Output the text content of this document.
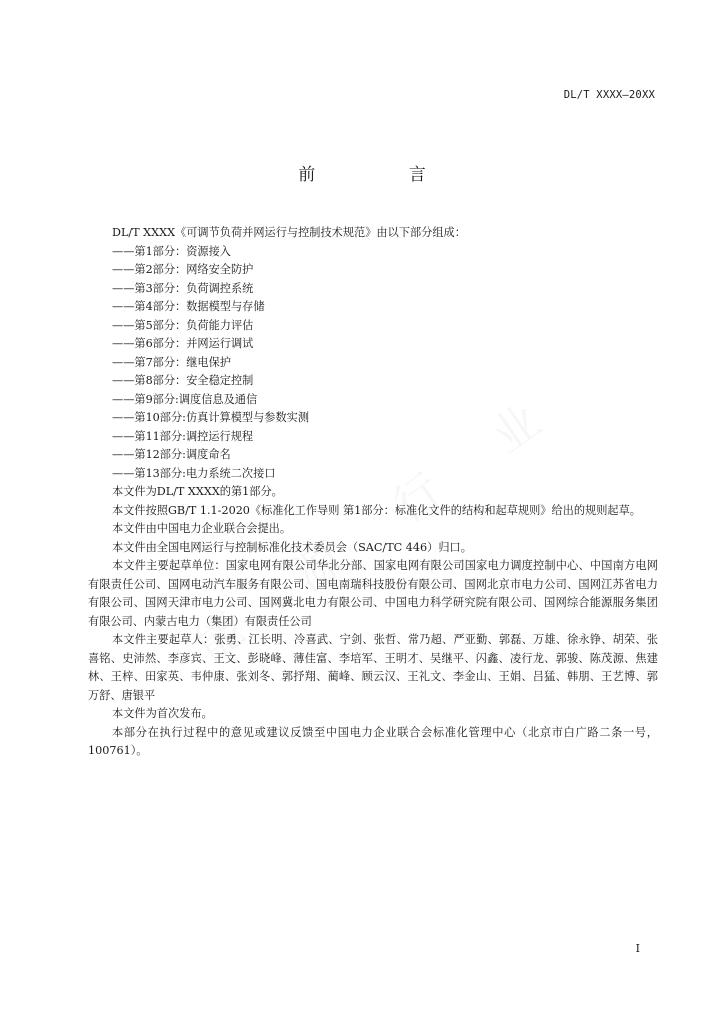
DL/T XXXX—20XX
前 言
DL/T XXXX《可调节负荷并网运行与控制技术规范》由以下部分组成：
——第1部分：资源接入
——第2部分：网络安全防护
——第3部分：负荷调控系统
——第4部分：数据模型与存储
——第5部分：负荷能力评估
——第6部分：并网运行调试
——第7部分：继电保护
——第8部分：安全稳定控制
——第9部分:调度信息及通信
——第10部分:仿真计算模型与参数实测
——第11部分:调控运行规程
——第12部分:调度命名
——第13部分:电力系统二次接口
本文件为DL/T XXXX的第1部分。
本文件按照GB/T 1.1-2020《标准化工作导则 第1部分：标准化文件的结构和起草规则》给出的规则起草。
本文件由中国电力企业联合会提出。
本文件由全国电网运行与控制标准化技术委员会（SAC/TC 446）归口。
本文件主要起草单位：国家电网有限公司华北分部、国家电网有限公司国家电力调度控制中心、中国南方电网有限责任公司、国网电动汽车服务有限公司、国电南瑞科技股份有限公司、国网北京市电力公司、国网江苏省电力有限公司、国网天津市电力公司、国网冀北电力有限公司、中国电力科学研究院有限公司、国网综合能源服务集团有限公司、内蒙古电力（集团）有限责任公司
本文件主要起草人：张勇、江长明、冷喜武、宁剑、张哲、常乃超、严亚勤、郭磊、万雄、徐永铮、胡荣、张喜铭、史沛然、李彦宾、王文、彭晓峰、薄佳富、李培军、王明才、吴继平、闪鑫、凌行龙、郭骏、陈茂源、焦建林、王梓、田家英、韦仲康、张刘冬、郭抒翔、蔺峰、顾云汉、王礼文、李金山、王娟、吕猛、韩朋、王艺博、郭万舒、唐银平
本文件为首次发布。
本部分在执行过程中的意见或建议反馈至中国电力企业联合会标准化管理中心（北京市白广路二条一号，100761）。
I
